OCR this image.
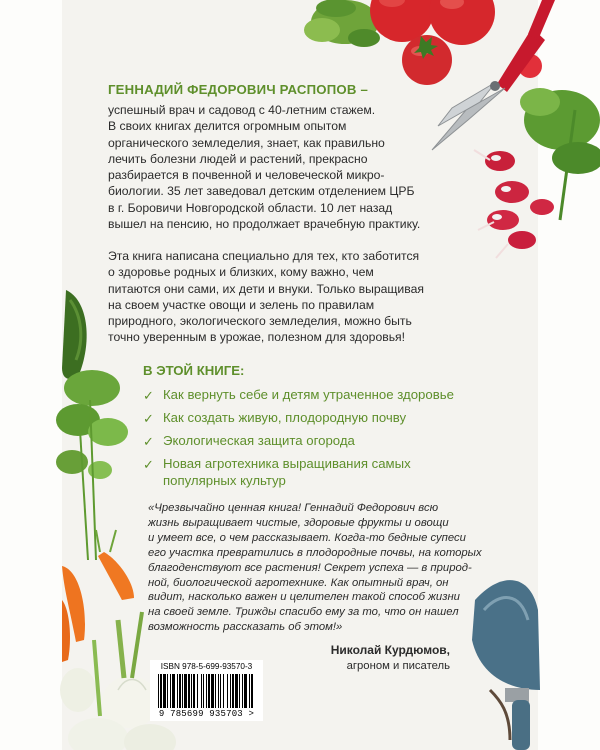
ГЕННАДИЙ ФЕДОРОВИЧ РАСПОПОВ –

успешный врач и садовод с 40-летним стажем.

В своих книгах делится огромным опытом

органического земледелия, знает, как правильно

лечить болезни людей и растений, прекрасно

разбирается в почвенной и человеческой микро-

биологии. 35 лет заведовал детским отделением ЦРБ

в г. Боровичи Новгородской области. 10 лет назад

вышел на пенсию, но продолжает врачебную практику.

Эта книга написана специально для тех, кто заботится

о здоровье родных и близких, кому важно, чем

питаются они сами, их дети и внуки. Только выращивая

на своем участке овощи и зелень по правилам

природного, экологического земледелия, можно быть

точно уверенным в урожае, полезном для здоровья!

В ЭТОЙ КНИГЕ:
✓ Как вернуть себе и детям утраченное здоровье
✓ Как создать живую, плодородную почву
✓ Экологическая защита огорода
✓ Новая агротехника выращивания самых
популярных культур

«Чрезвычайно ценная книга! Геннадий Федорович всю

жизнь выращивает чистые, здоровые фрукты и овощи

и умеет все, о чем рассказывает. Когда-то бедные супеси

его участка превратились в плодородные почвы, на которых

благоденствуют все растения! Секрет успеха — в природ-

ной, биологической агротехнике. Как опытный врач, он

видит, насколько важен и целителен такой способ жизни

на своей земле. Трижды спасибо ему за то, что он нашел

возможность рассказать об этом!»

Николай Курдюмов,
агроном и писатель
ISBN 978-5-699-93570-3
9 785699 935703 >
